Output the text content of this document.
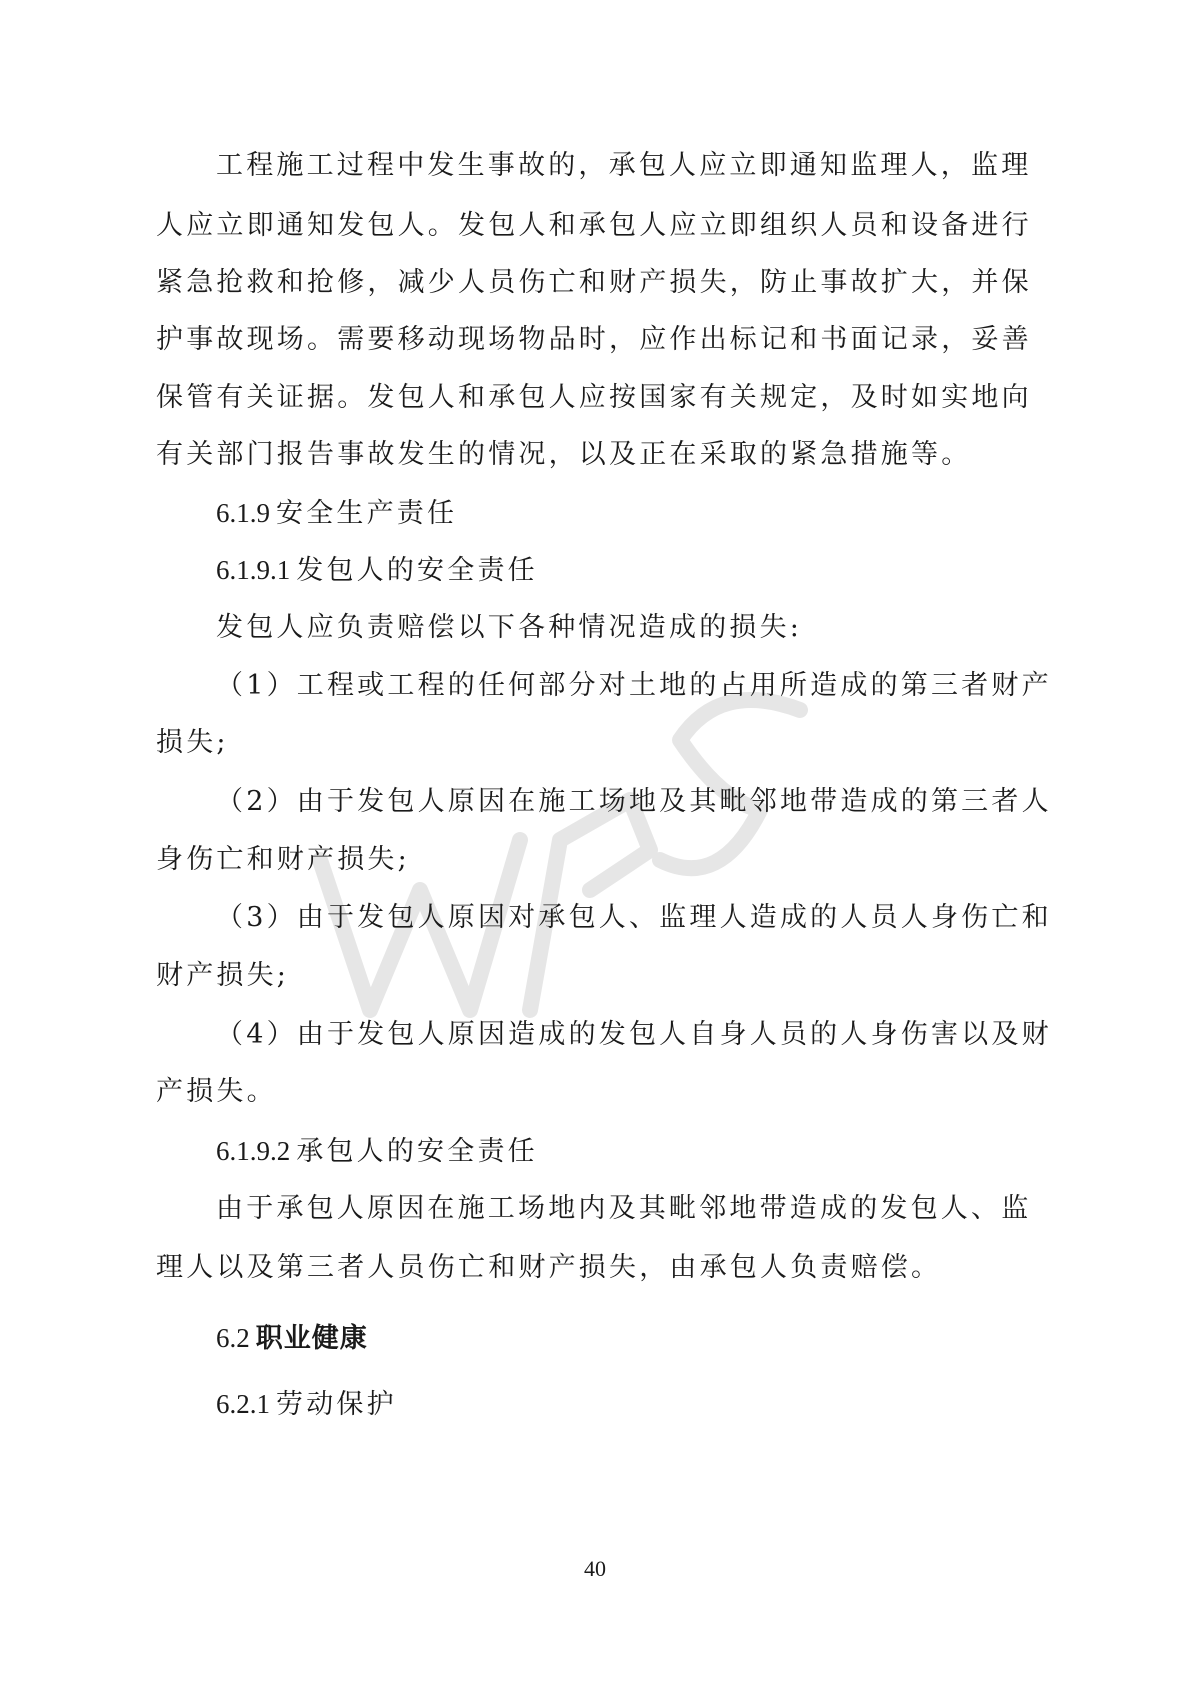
工程施工过程中发生事故的，承包人应立即通知监理人，监理
人应立即通知发包人。发包人和承包人应立即组织人员和设备进行
紧急抢救和抢修，减少人员伤亡和财产损失，防止事故扩大，并保
护事故现场。需要移动现场物品时，应作出标记和书面记录，妥善
保管有关证据。发包人和承包人应按国家有关规定，及时如实地向
有关部门报告事故发生的情况，以及正在采取的紧急措施等。
6.1.9 安全生产责任
6.1.9.1 发包人的安全责任
发包人应负责赔偿以下各种情况造成的损失:
（1）工程或工程的任何部分对土地的占用所造成的第三者财产
损失;
（2）由于发包人原因在施工场地及其毗邻地带造成的第三者人
身伤亡和财产损失;
（3）由于发包人原因对承包人、监理人造成的人员人身伤亡和
财产损失;
（4）由于发包人原因造成的发包人自身人员的人身伤害以及财
产损失。
6.1.9.2 承包人的安全责任
由于承包人原因在施工场地内及其毗邻地带造成的发包人、监
理人以及第三者人员伤亡和财产损失，由承包人负责赔偿。
6.2 职业健康
6.2.1 劳动保护
40
